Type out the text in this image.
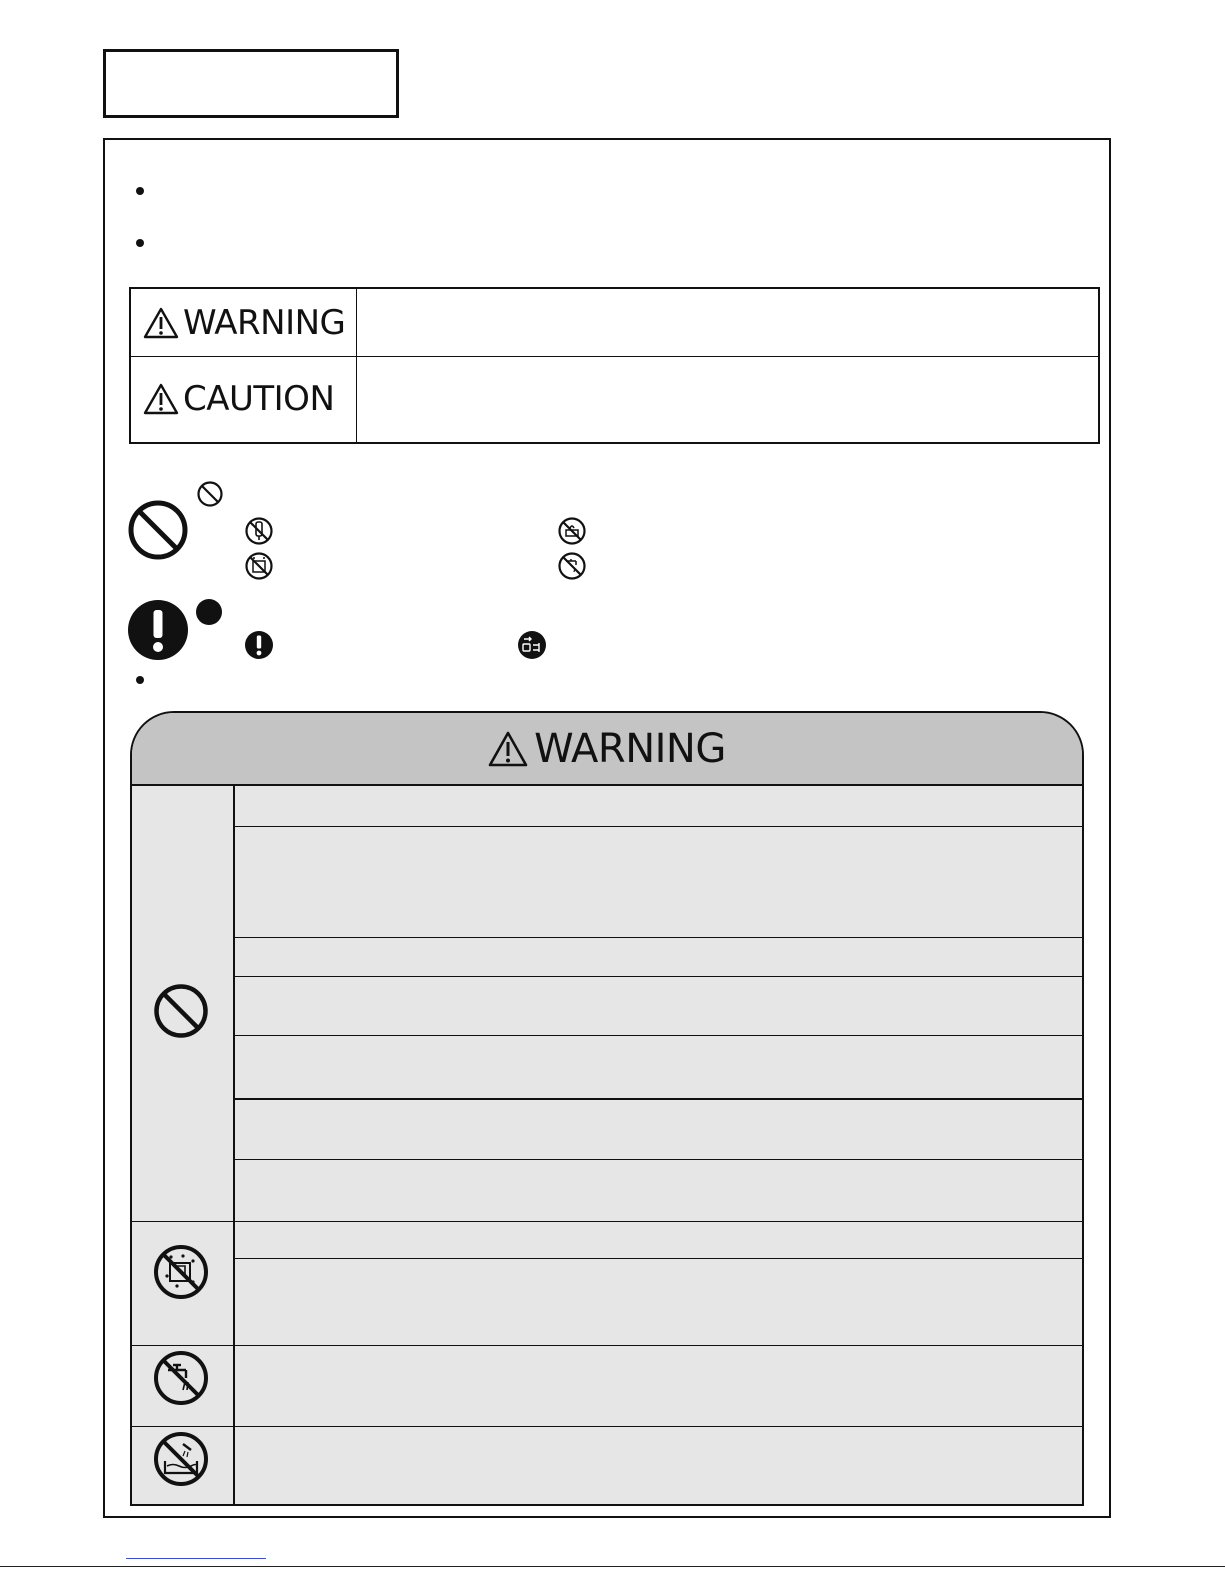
WARNING
CAUTION
WARNING
